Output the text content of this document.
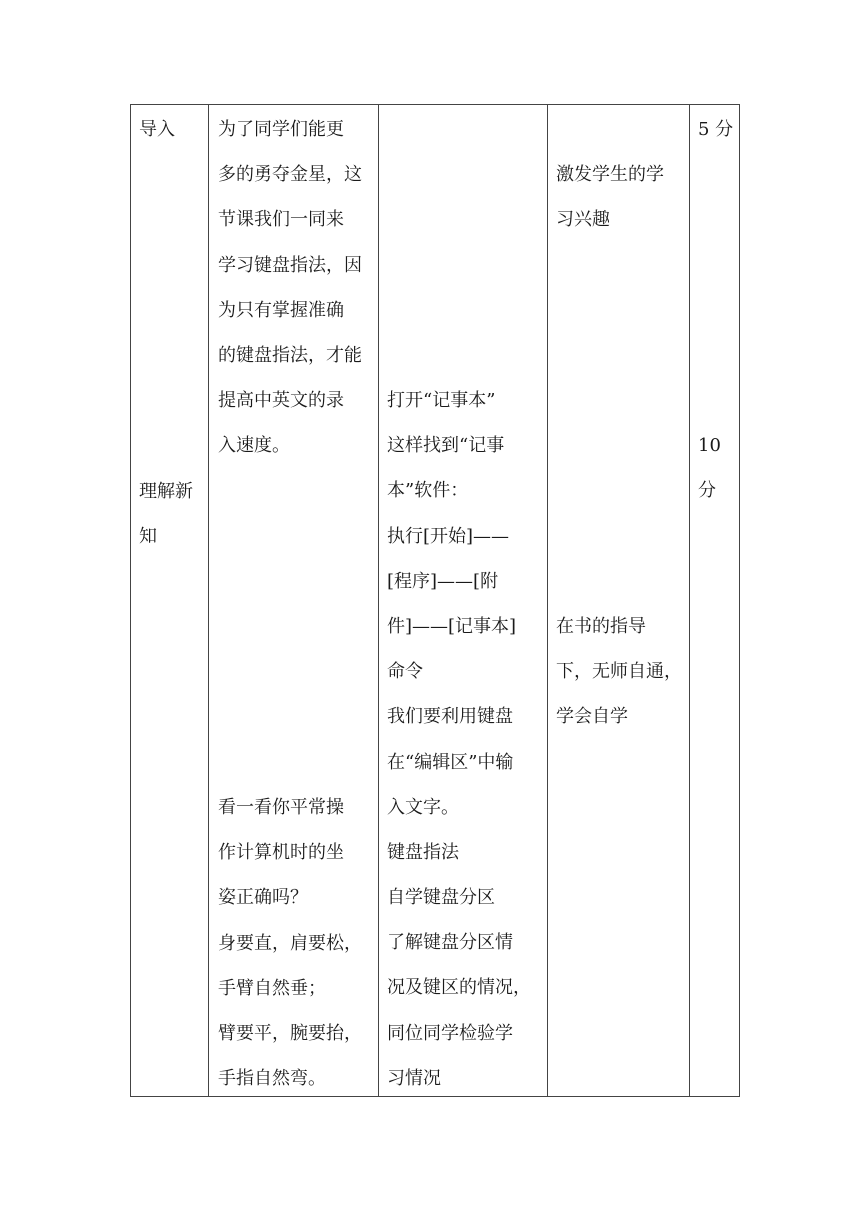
导入
理解新
知
为了同学们能更
多的勇夺金星，这
节课我们一同来
学习键盘指法，因
为只有掌握准确
的键盘指法，才能
提高中英文的录
入速度。
看一看你平常操
作计算机时的坐
姿正确吗？
身要直，肩要松，
手臂自然垂；
臂要平，腕要抬，
手指自然弯。
打开“记事本”
这样找到“记事
本”软件：
执行[开始]——
[程序]——[附
件]——[记事本]
命令
我们要利用键盘
在“编辑区”中输
入文字。
键盘指法
自学键盘分区
了解键盘分区情
况及键区的情况，
同位同学检验学
习情况
激发学生的学
习兴趣
在书的指导
下，无师自通，
学会自学
5 分
10
分
